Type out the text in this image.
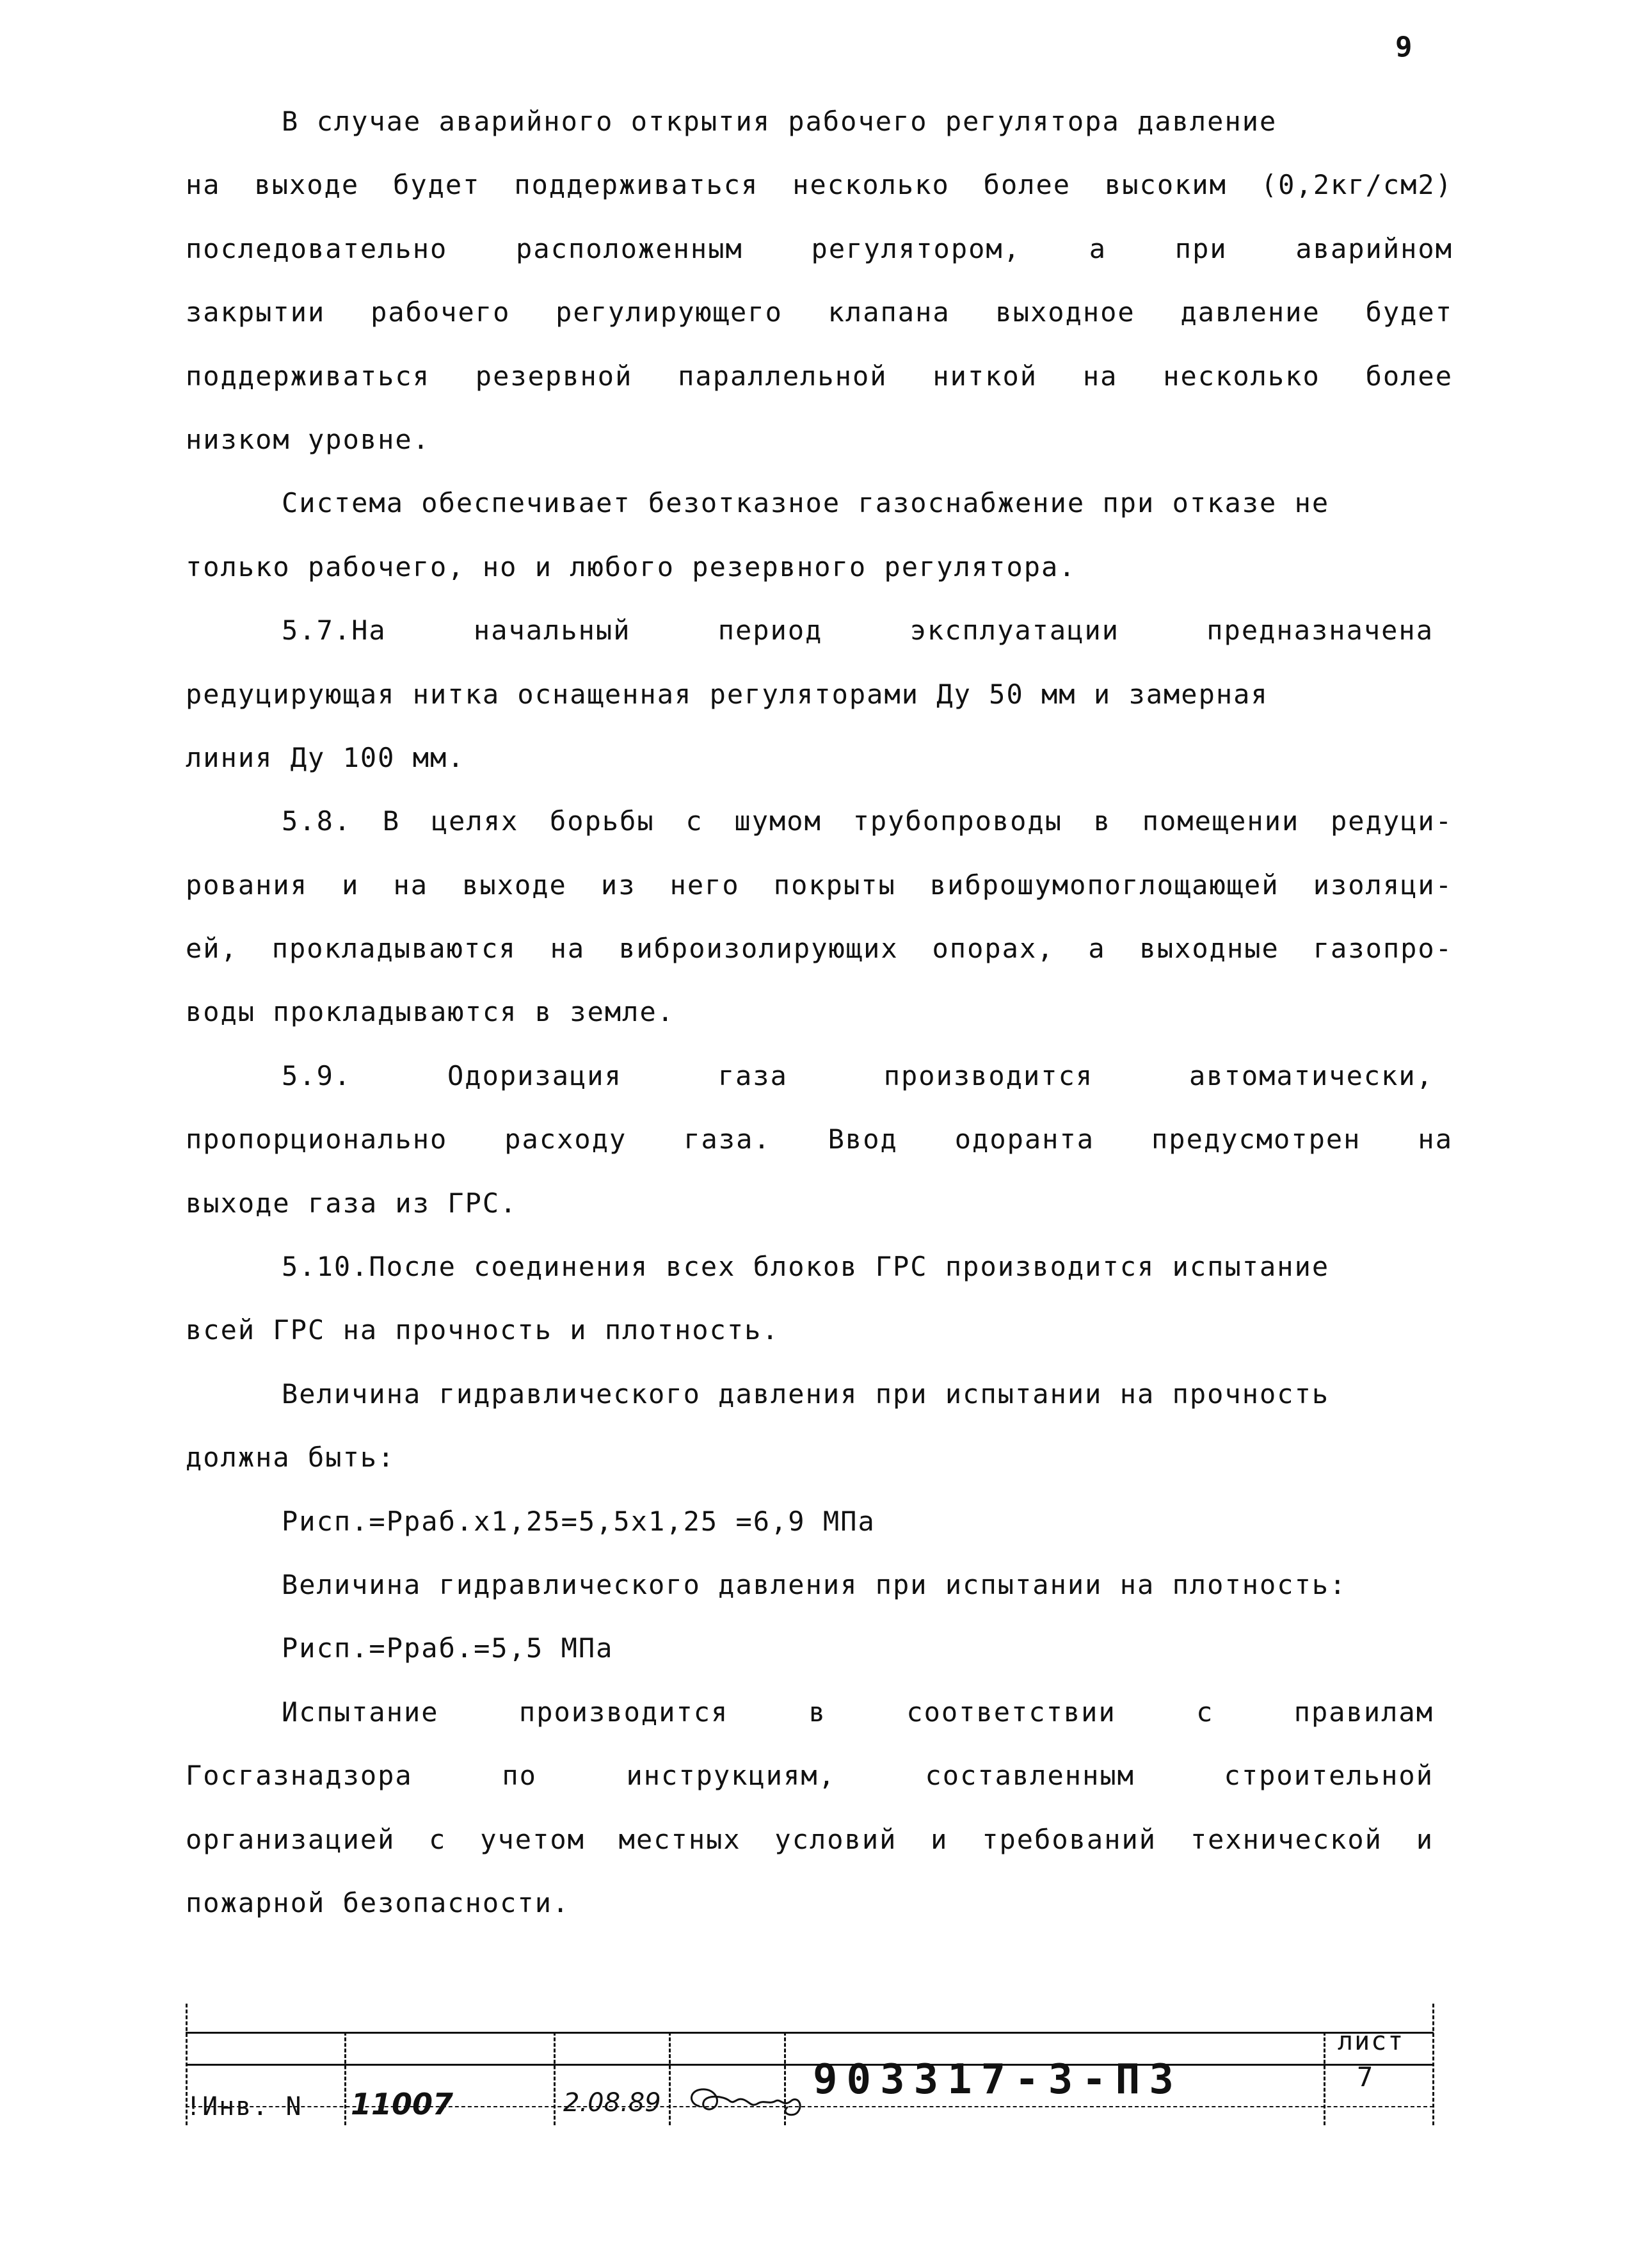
9
В случае аварийного открытия рабочего регулятора давление
на выходе будет поддерживаться несколько более высоким (0,2кг/см2)
последовательно расположенным регулятором, а при аварийном
закрытии рабочего регулирующего клапана выходное давление будет
поддерживаться резервной параллельной ниткой на несколько более
низком уровне.
Система обеспечивает безотказное газоснабжение при отказе не
только рабочего, но и любого резервного регулятора.
5.7.На начальный период эксплуатации предназначена
редуцирующая нитка оснащенная регуляторами Ду 50 мм и замерная
линия Ду 100 мм.
5.8. В целях борьбы с шумом трубопроводы в помещении редуци-
рования и на выходе из него покрыты виброшумопоглощающей изоляци-
ей, прокладываются на виброизолирующих опорах, а выходные газопро-
воды прокладываются в земле.
5.9. Одоризация газа производится автоматически,
пропорционально расходу газа. Ввод одоранта предусмотрен на
выходе газа из ГРС.
5.10.После соединения всех блоков ГРС производится испытание
всей ГРС на прочность и плотность.
Величина гидравлического давления при испытании на прочность
должна быть:
Рисп.=Рраб.х1,25=5,5х1,25 =6,9 МПа
Величина гидравлического давления при испытании на плотность:
Рисп.=Рраб.=5,5 МПа
Испытание производится в соответствии с правилам
Госгазнадзора по инструкциям, составленным строительной
организацией с учетом местных условий и требований технической и
пожарной безопасности.
!Инв. N 11007	2.08.89	903317-3-ПЗ
лист
7
